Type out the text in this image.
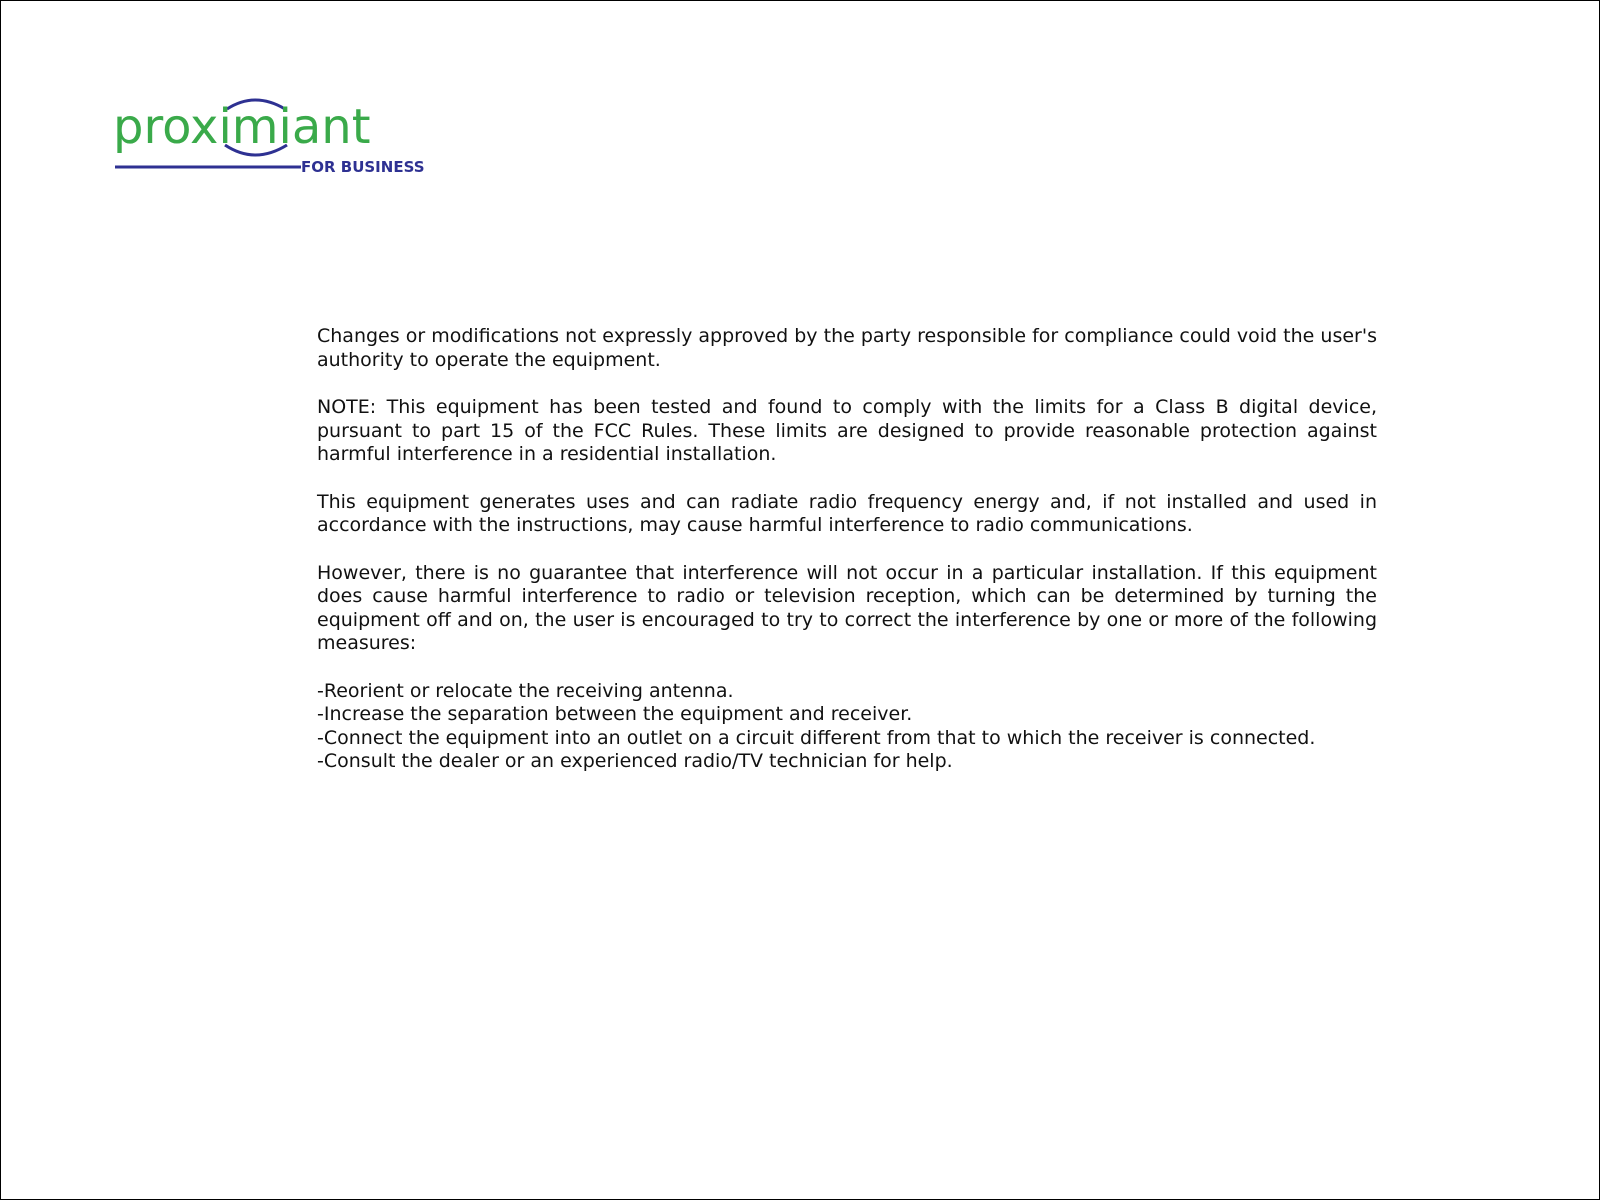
proximiant
FOR BUSINESS

Changes or modifications not expressly approved by the party responsible for compliance could void the user's authority to operate the equipment.

NOTE: This equipment has been tested and found to comply with the limits for a Class B digital device, pursuant to part 15 of the FCC Rules. These limits are designed to provide reasonable protection against harmful interference in a residential installation.

This equipment generates uses and can radiate radio frequency energy and, if not installed and used in accordance with the instructions, may cause harmful interference to radio communications.

However, there is no guarantee that interference will not occur in a particular installation. If this equipment does cause harmful interference to radio or television reception, which can be determined by turning the equipment off and on, the user is encouraged to try to correct the interference by one or more of the following measures:

-Reorient or relocate the receiving antenna.
-Increase the separation between the equipment and receiver.
-Connect the equipment into an outlet on a circuit different from that to which the receiver is connected.
-Consult the dealer or an experienced radio/TV technician for help.
